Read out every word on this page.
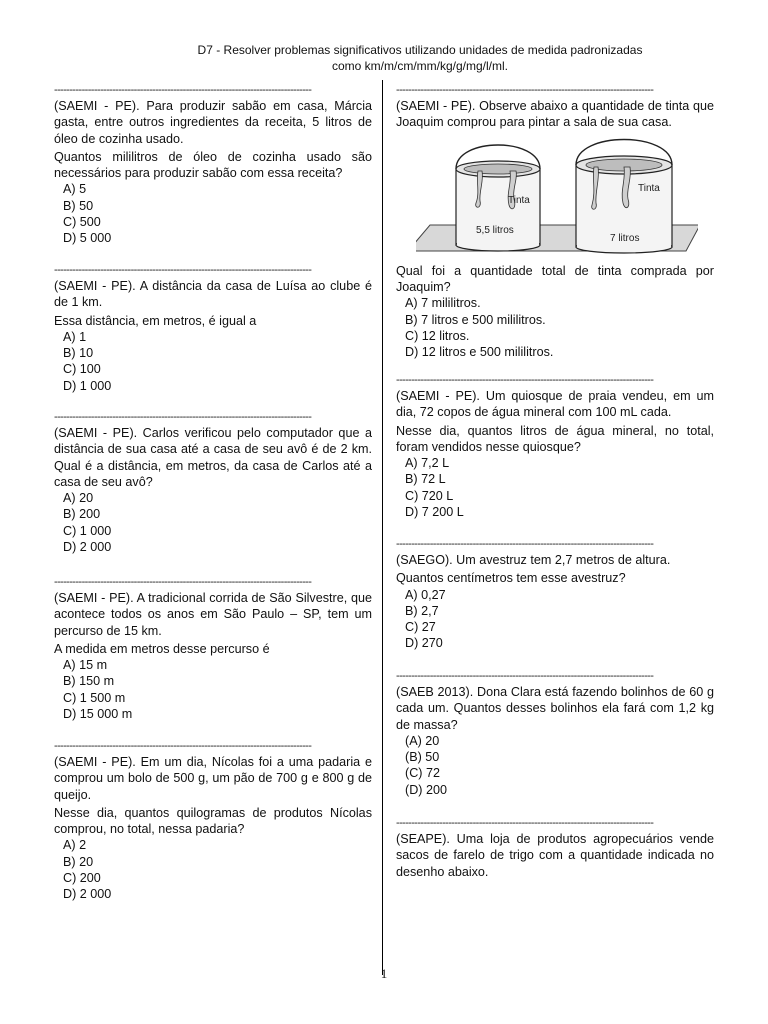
D7 - Resolver problemas significativos utilizando unidades de medida padronizadas
como km/m/cm/mm/kg/g/mg/l/ml.
------------------------------------------------------------------------------------
(SAEMI - PE). Para produzir sabão em casa, Márcia gasta, entre outros ingredientes da receita, 5 litros de óleo de cozinha usado.
Quantos mililitros de óleo de cozinha usado são necessários para produzir sabão com essa receita?
A) 5
B) 50
C) 500
D) 5 000
------------------------------------------------------------------------------------
(SAEMI - PE). A distância da casa de Luísa ao clube é de 1 km.
Essa distância, em metros, é igual a
A) 1
B) 10
C) 100
D) 1 000
------------------------------------------------------------------------------------
(SAEMI - PE). Carlos verificou pelo computador que a distância de sua casa até a casa de seu avô é de 2 km. Qual é a distância, em metros, da casa de Carlos até a casa de seu avô?
A) 20
B) 200
C) 1 000
D) 2 000
------------------------------------------------------------------------------------
(SAEMI - PE). A tradicional corrida de São Silvestre, que acontece todos os anos em São Paulo – SP, tem um percurso de 15 km.
A medida em metros desse percurso é
A) 15 m
B) 150 m
C) 1 500 m
D) 15 000 m
------------------------------------------------------------------------------------
(SAEMI - PE). Em um dia, Nícolas foi a uma padaria e comprou um bolo de 500 g, um pão de 700 g e 800 g de queijo.
Nesse dia, quantos quilogramas de produtos Nícolas comprou, no total, nessa padaria?
A) 2
B) 20
C) 200
D) 2 000
------------------------------------------------------------------------------------
(SAEMI - PE). Observe abaixo a quantidade de tinta que Joaquim comprou para pintar a sala de sua casa.
Tinta
5,5 litros
Tinta
7 litros
Qual foi a quantidade total de tinta comprada por Joaquim?
A) 7 mililitros.
B) 7 litros e 500 mililitros.
C) 12 litros.
D) 12 litros e 500 mililitros.
------------------------------------------------------------------------------------
(SAEMI - PE). Um quiosque de praia vendeu, em um dia, 72 copos de água mineral com 100 mL cada.
Nesse dia, quantos litros de água mineral, no total, foram vendidos nesse quiosque?
A) 7,2 L
B) 72 L
C) 720 L
D) 7 200 L
------------------------------------------------------------------------------------
(SAEGO). Um avestruz tem 2,7 metros de altura.
Quantos centímetros tem esse avestruz?
A) 0,27
B) 2,7
C) 27
D) 270
------------------------------------------------------------------------------------
(SAEB 2013). Dona Clara está fazendo bolinhos de 60 g cada um. Quantos desses bolinhos ela fará com 1,2 kg de massa?
(A) 20
(B) 50
(C) 72
(D) 200
------------------------------------------------------------------------------------
(SEAPE). Uma loja de produtos agropecuários vende sacos de farelo de trigo com a quantidade indicada no desenho abaixo.
1
